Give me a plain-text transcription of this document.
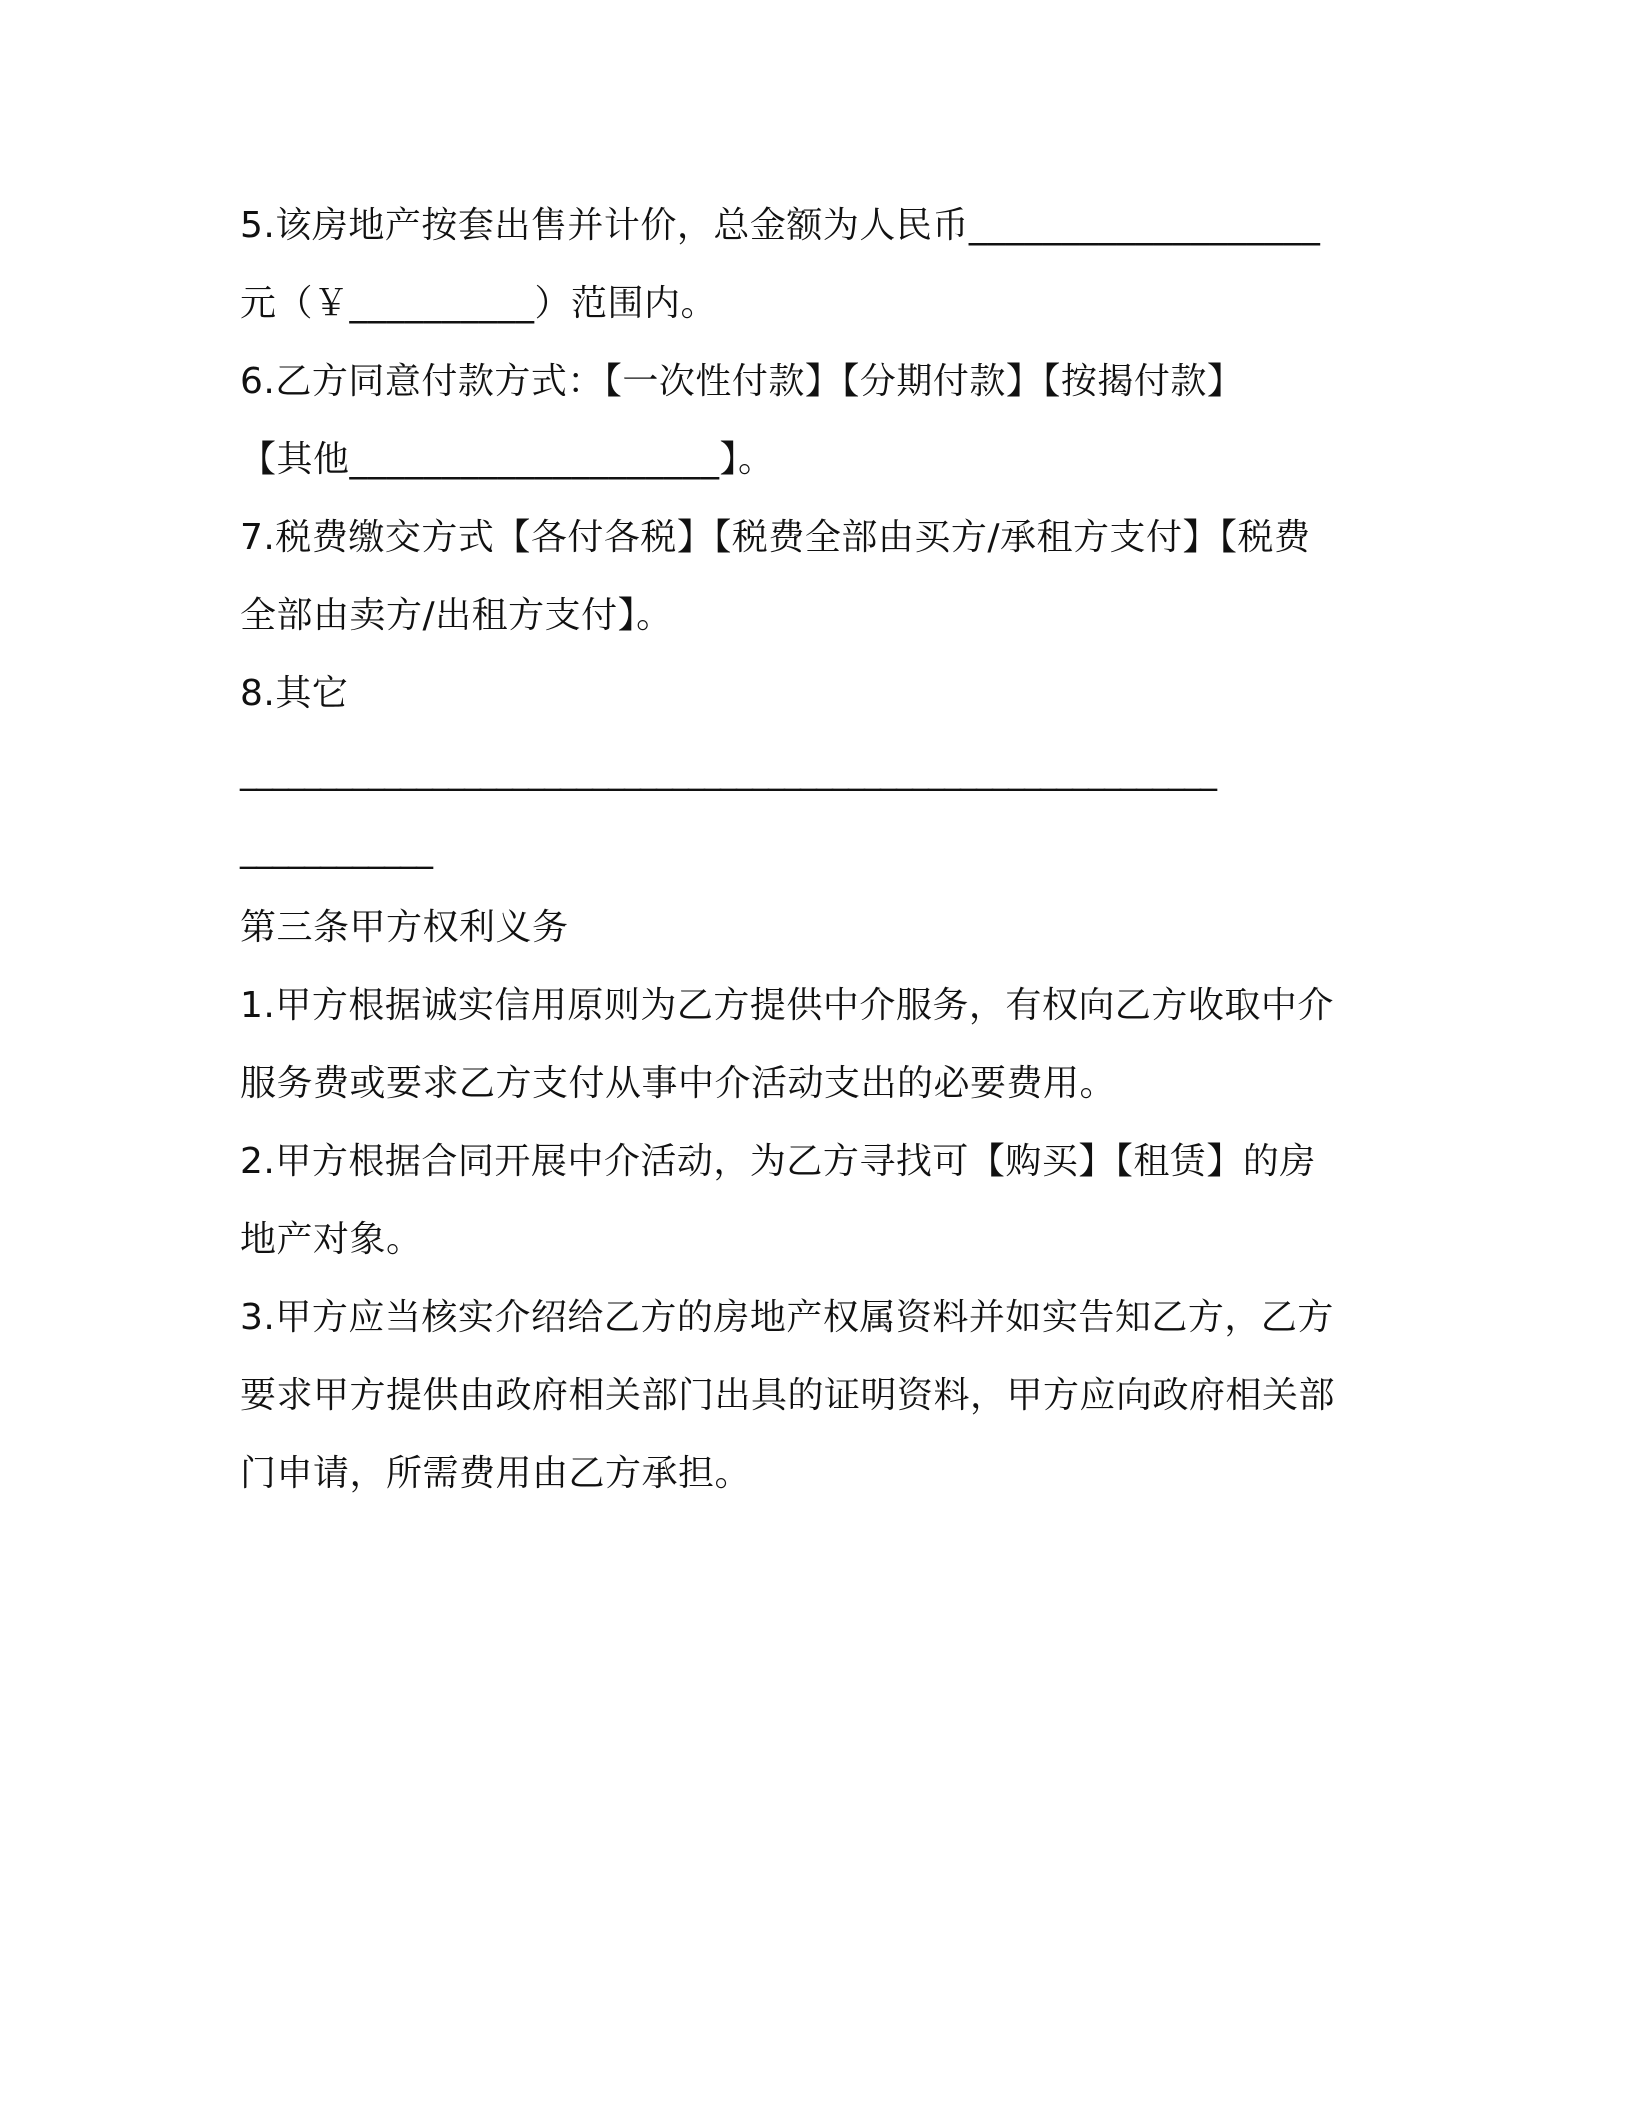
5.该房地产按套出售并计价，总金额为人民币___________________
元（￥__________）范围内。
6.乙方同意付款方式：【一次性付款】【分期付款】【按揭付款】
【其他____________________】。
7.税费缴交方式【各付各税】【税费全部由买方/承租方支付】【税费
全部由卖方/出租方支付】。
8.其它
_____________________________________________________________
____________
第三条甲方权利义务
1.甲方根据诚实信用原则为乙方提供中介服务，有权向乙方收取中介
服务费或要求乙方支付从事中介活动支出的必要费用。
2.甲方根据合同开展中介活动，为乙方寻找可【购买】【租赁】的房
地产对象。
3.甲方应当核实介绍给乙方的房地产权属资料并如实告知乙方，乙方
要求甲方提供由政府相关部门出具的证明资料，甲方应向政府相关部
门申请，所需费用由乙方承担。
